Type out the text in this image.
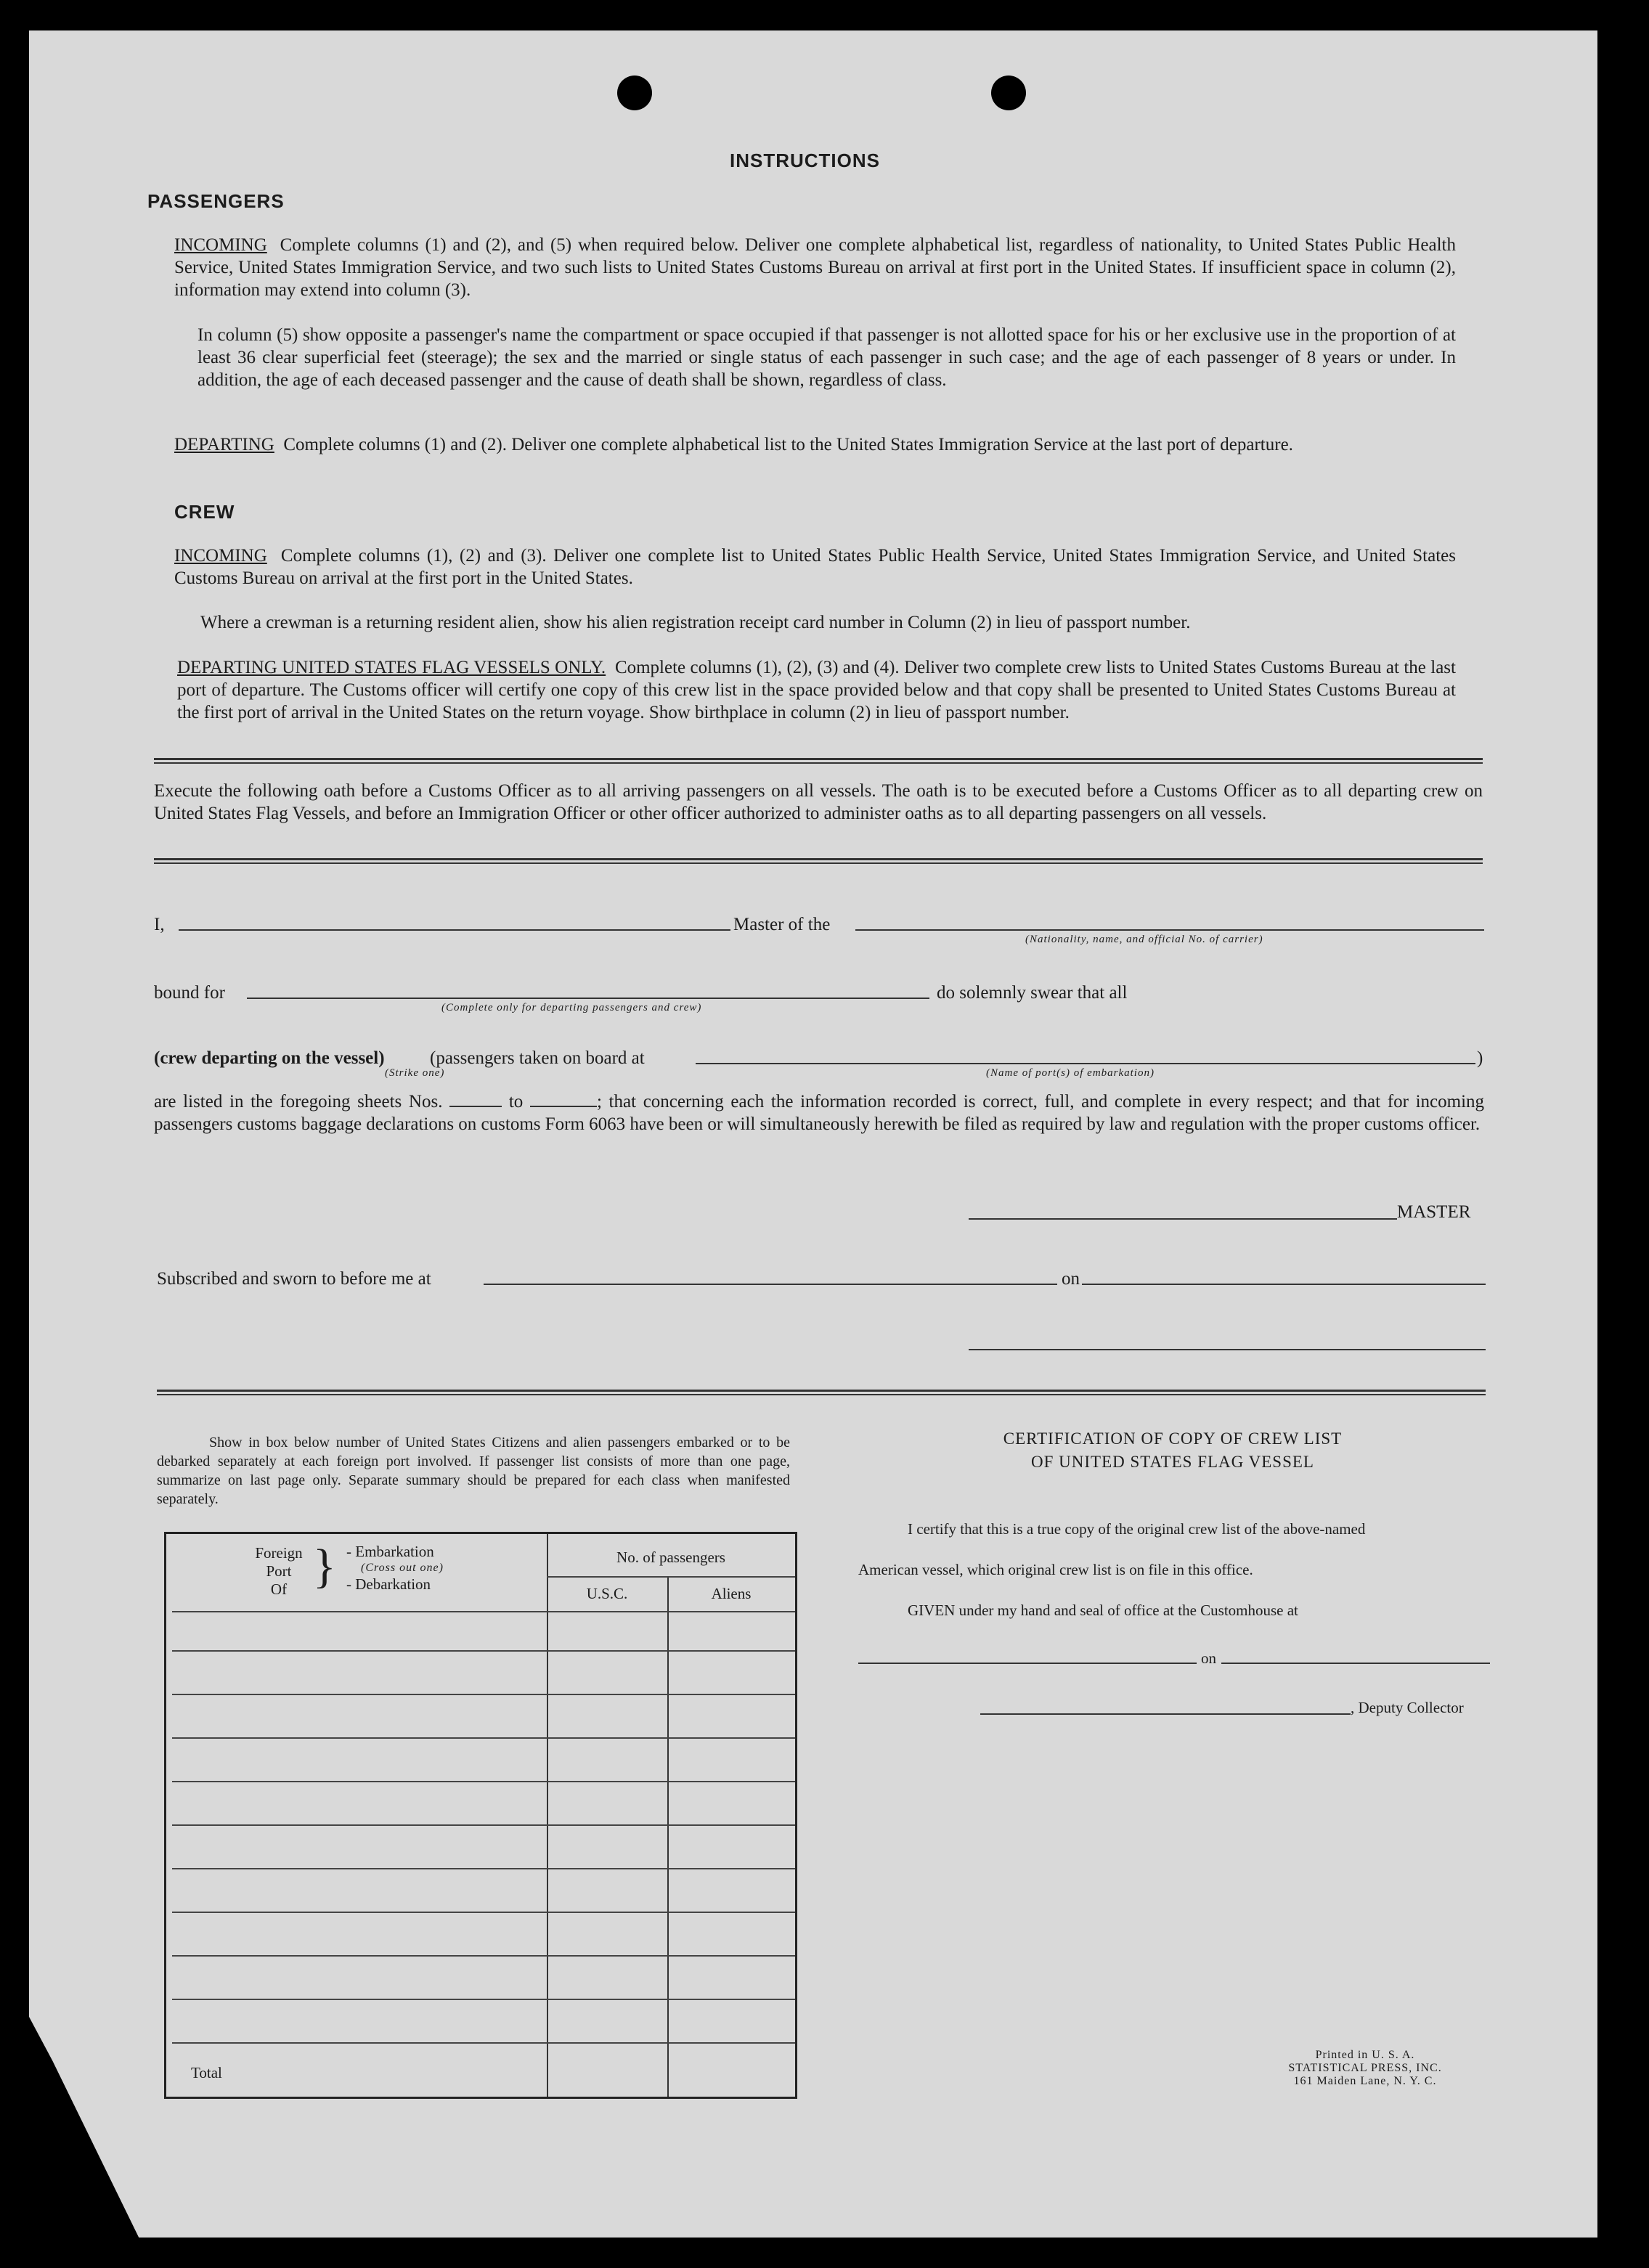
INSTRUCTIONS
PASSENGERS
INCOMING Complete columns (1) and (2), and (5) when required below. Deliver one complete alphabetical list, regardless of nationality, to United States Public Health Service, United States Immigration Service, and two such lists to United States Customs Bureau on arrival at first port in the United States. If insufficient space in column (2), information may extend into column (3).
In column (5) show opposite a passenger's name the compartment or space occupied if that passenger is not allotted space for his or her exclusive use in the proportion of at least 36 clear superficial feet (steerage); the sex and the married or single status of each passenger in such case; and the age of each passenger of 8 years or under. In addition, the age of each deceased passenger and the cause of death shall be shown, regardless of class.
DEPARTING Complete columns (1) and (2). Deliver one complete alphabetical list to the United States Immigration Service at the last port of departure.
CREW
INCOMING Complete columns (1), (2) and (3). Deliver one complete list to United States Public Health Service, United States Immigration Service, and United States Customs Bureau on arrival at the first port in the United States.
Where a crewman is a returning resident alien, show his alien registration receipt card number in Column (2) in lieu of passport number.
DEPARTING UNITED STATES FLAG VESSELS ONLY. Complete columns (1), (2), (3) and (4). Deliver two complete crew lists to United States Customs Bureau at the last port of departure. The Customs officer will certify one copy of this crew list in the space provided below and that copy shall be presented to United States Customs Bureau at the first port of arrival in the United States on the return voyage. Show birthplace in column (2) in lieu of passport number.
Execute the following oath before a Customs Officer as to all arriving passengers on all vessels. The oath is to be executed before a Customs Officer as to all departing crew on United States Flag Vessels, and before an Immigration Officer or other officer authorized to administer oaths as to all departing passengers on all vessels.
I,	Master of the
(Nationality, name, and official No. of carrier)
bound for
(Complete only for departing passengers and crew)
do solemnly swear that all
(crew departing on the vessel) (passengers taken on board at	)
(Strike one)	(Name of port(s) of embarkation)
are listed in the foregoing sheets Nos.	to	; that concerning each the information recorded is correct, full, and complete in every respect; and that for incoming passengers customs baggage declarations on customs Form 6063 have been or will simultaneously herewith be filed as required by law and regulation with the proper customs officer.
MASTER
Subscribed and sworn to before me at	on
Show in box below number of United States Citizens and alien passengers embarked or to be debarked separately at each foreign port involved. If passenger list consists of more than one page, summarize on last page only. Separate summary should be prepared for each class when manifested separately.
Foreign
Port
Of } - Embarkation
(Cross out one)
- Debarkation
No. of passengers
U.S.C.	Aliens
Total
CERTIFICATION OF COPY OF CREW LIST
OF UNITED STATES FLAG VESSEL
I certify that this is a true copy of the original crew list of the above-named
American vessel, which original crew list is on file in this office.
GIVEN under my hand and seal of office at the Customhouse at
on
, Deputy Collector
Printed in U. S. A.
STATISTICAL PRESS, INC.
161 Maiden Lane, N. Y. C.
